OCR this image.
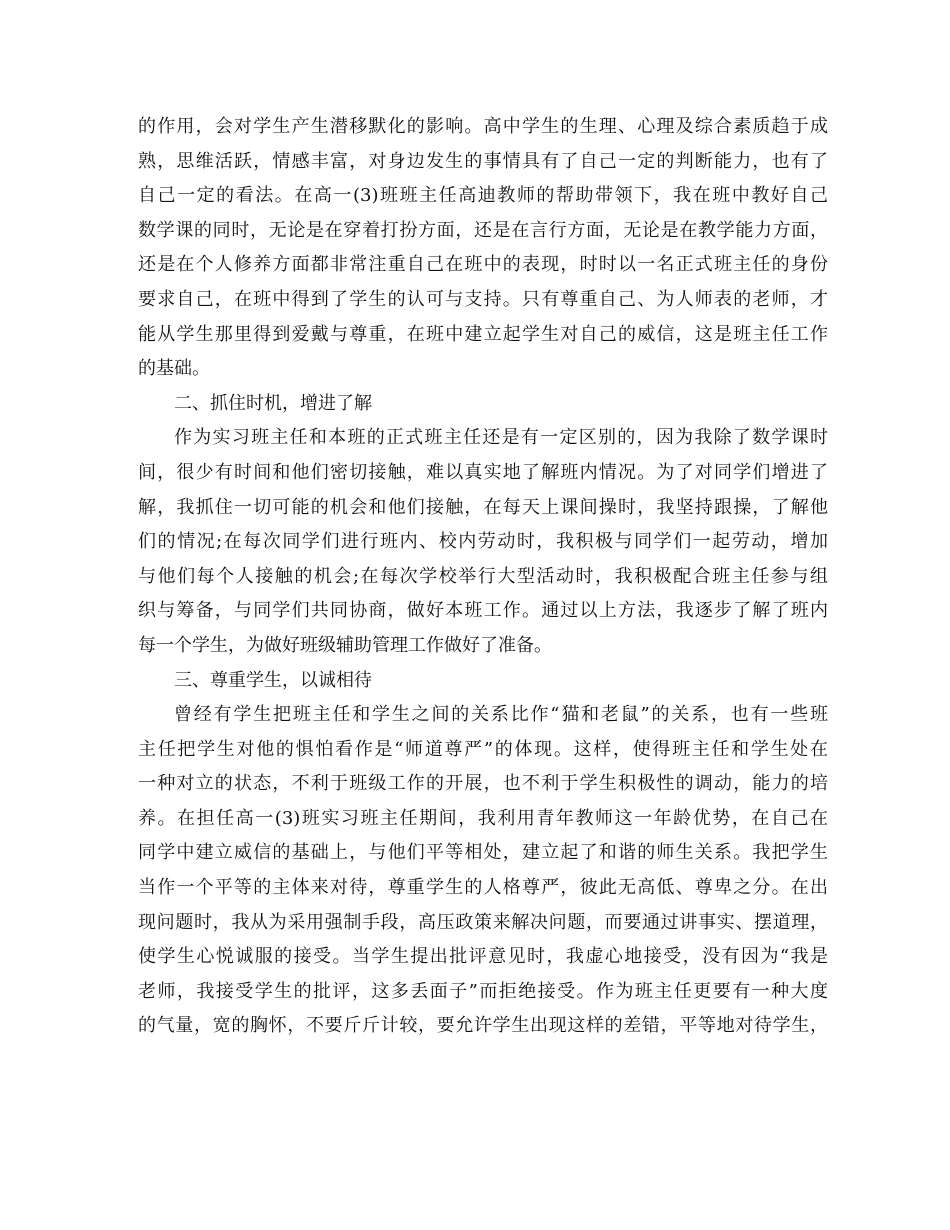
的作用，会对学生产生潜移默化的影响。高中学生的生理、心理及综合素质趋于成
熟，思维活跃，情感丰富，对身边发生的事情具有了自己一定的判断能力，也有了
自己一定的看法。在高一(3)班班主任高迪教师的帮助带领下，我在班中教好自己
数学课的同时，无论是在穿着打扮方面，还是在言行方面，无论是在教学能力方面，
还是在个人修养方面都非常注重自己在班中的表现，时时以一名正式班主任的身份
要求自己，在班中得到了学生的认可与支持。只有尊重自己、为人师表的老师，才
能从学生那里得到爱戴与尊重，在班中建立起学生对自己的威信，这是班主任工作
的基础。
二、抓住时机，增进了解
作为实习班主任和本班的正式班主任还是有一定区别的，因为我除了数学课时
间，很少有时间和他们密切接触，难以真实地了解班内情况。为了对同学们增进了
解，我抓住一切可能的机会和他们接触，在每天上课间操时，我坚持跟操，了解他
们的情况;在每次同学们进行班内、校内劳动时，我积极与同学们一起劳动，增加
与他们每个人接触的机会;在每次学校举行大型活动时，我积极配合班主任参与组
织与筹备，与同学们共同协商，做好本班工作。通过以上方法，我逐步了解了班内
每一个学生，为做好班级辅助管理工作做好了准备。
三、尊重学生，以诚相待
曾经有学生把班主任和学生之间的关系比作“猫和老鼠”的关系，也有一些班
主任把学生对他的惧怕看作是“师道尊严”的体现。这样，使得班主任和学生处在
一种对立的状态，不利于班级工作的开展，也不利于学生积极性的调动，能力的培
养。在担任高一(3)班实习班主任期间，我利用青年教师这一年龄优势，在自己在
同学中建立威信的基础上，与他们平等相处，建立起了和谐的师生关系。我把学生
当作一个平等的主体来对待，尊重学生的人格尊严，彼此无高低、尊卑之分。在出
现问题时，我从为采用强制手段，高压政策来解决问题，而要通过讲事实、摆道理，
使学生心悦诚服的接受。当学生提出批评意见时，我虚心地接受，没有因为“我是
老师，我接受学生的批评，这多丢面子”而拒绝接受。作为班主任更要有一种大度
的气量，宽的胸怀，不要斤斤计较，要允许学生出现这样的差错，平等地对待学生，
